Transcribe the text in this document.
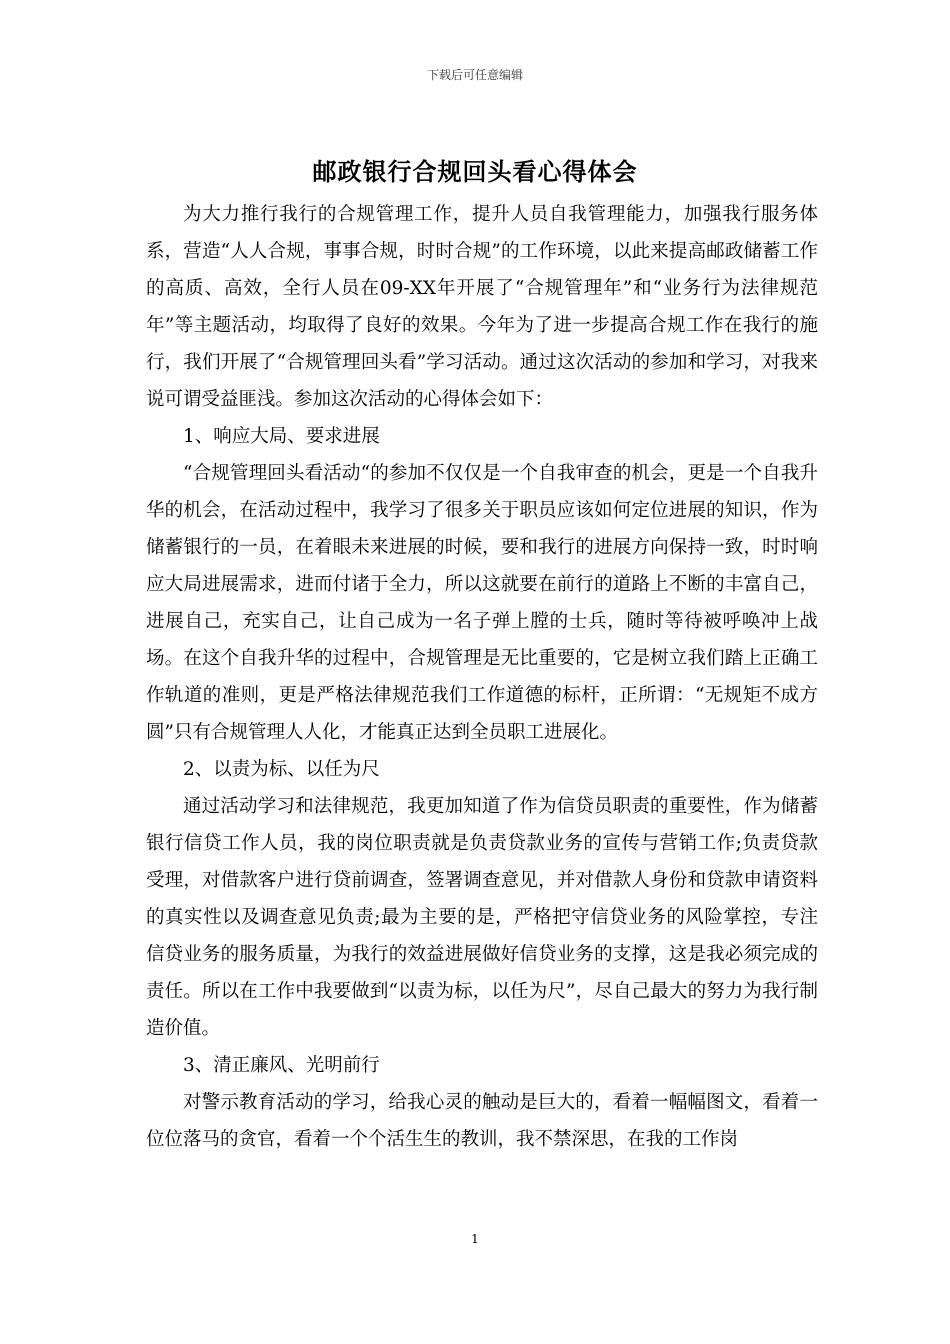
下载后可任意编辑
邮政银行合规回头看心得体会

为大力推行我行的合规管理工作，提升人员自我管理能力，加强我行服务体系，营造“人人合规，事事合规，时时合规”的工作环境，以此来提高邮政储蓄工作的高质、高效，全行人员在09-XX年开展了“合规管理年”和“业务行为法律规范年”等主题活动，均取得了良好的效果。今年为了进一步提高合规工作在我行的施行，我们开展了“合规管理回头看”学习活动。通过这次活动的参加和学习，对我来说可谓受益匪浅。参加这次活动的心得体会如下：

1、响应大局、要求进展

“合规管理回头看活动“的参加不仅仅是一个自我审查的机会，更是一个自我升华的机会，在活动过程中，我学习了很多关于职员应该如何定位进展的知识，作为储蓄银行的一员，在着眼未来进展的时候，要和我行的进展方向保持一致，时时响应大局进展需求，进而付诸于全力，所以这就要在前行的道路上不断的丰富自己，进展自己，充实自己，让自己成为一名子弹上膛的士兵，随时等待被呼唤冲上战场。在这个自我升华的过程中，合规管理是无比重要的，它是树立我们踏上正确工作轨道的准则，更是严格法律规范我们工作道德的标杆，正所谓：“无规矩不成方圆”只有合规管理人人化，才能真正达到全员职工进展化。

2、以责为标、以任为尺

通过活动学习和法律规范，我更加知道了作为信贷员职责的重要性，作为储蓄银行信贷工作人员，我的岗位职责就是负责贷款业务的宣传与营销工作;负责贷款受理，对借款客户进行贷前调查，签署调查意见，并对借款人身份和贷款申请资料的真实性以及调查意见负责;最为主要的是，严格把守信贷业务的风险掌控，专注信贷业务的服务质量，为我行的效益进展做好信贷业务的支撑，这是我必须完成的责任。所以在工作中我要做到“以责为标，以任为尺”，尽自己最大的努力为我行制造价值。

3、清正廉风、光明前行

对警示教育活动的学习，给我心灵的触动是巨大的，看着一幅幅图文，看着一位位落马的贪官，看着一个个活生生的教训，我不禁深思，在我的工作岗

1
